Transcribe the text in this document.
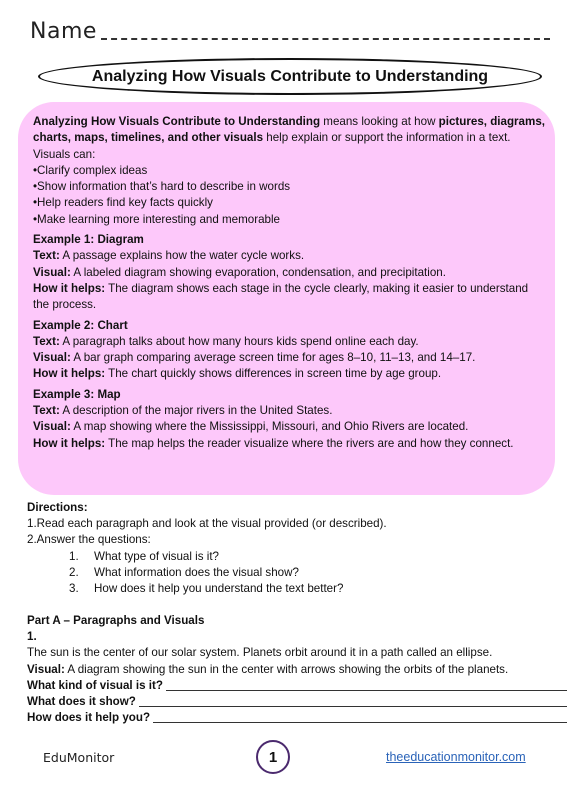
Name
Analyzing How Visuals Contribute to Understanding

Analyzing How Visuals Contribute to Understanding means looking at how pictures, diagrams, charts, maps, timelines, and other visuals help explain or support the information in a text.

Visuals can:

•Clarify complex ideas

•Show information that’s hard to describe in words

•Help readers find key facts quickly

•Make learning more interesting and memorable

Example 1: Diagram

Text: A passage explains how the water cycle works.

Visual: A labeled diagram showing evaporation, condensation, and precipitation.

How it helps: The diagram shows each stage in the cycle clearly, making it easier to understand the process.

Example 2: Chart

Text: A paragraph talks about how many hours kids spend online each day.

Visual: A bar graph comparing average screen time for ages 8–10, 11–13, and 14–17.

How it helps: The chart quickly shows differences in screen time by age group.

Example 3: Map

Text: A description of the major rivers in the United States.

Visual: A map showing where the Mississippi, Missouri, and Ohio Rivers are located.

How it helps: The map helps the reader visualize where the rivers are and how they connect.

Directions:

1.Read each paragraph and look at the visual provided (or described).

2.Answer the questions:

1. What type of visual is it?

2. What information does the visual show?

3. How does it help you understand the text better?

Part A – Paragraphs and Visuals

1.

The sun is the center of our solar system. Planets orbit around it in a path called an ellipse.

Visual: A diagram showing the sun in the center with arrows showing the orbits of the planets.

What kind of visual is it?
What does it show?
How does it help you?
EduMonitor	1	theeducationmonitor.com
